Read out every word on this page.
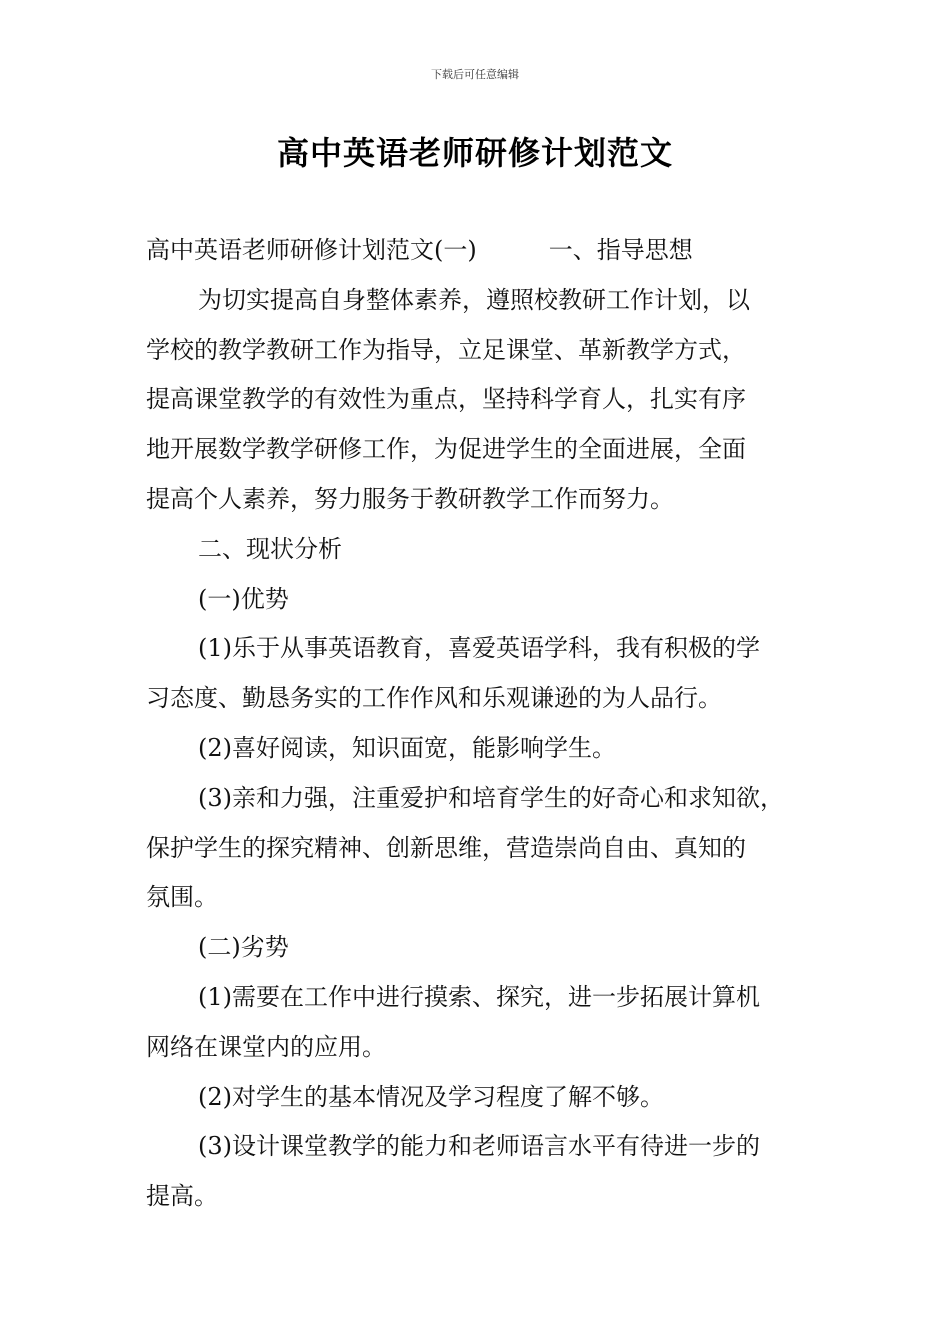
下载后可任意编辑
高中英语老师研修计划范文

高中英语老师研修计划范文(一)　　　一、指导思想

为切实提高自身整体素养，遵照校教研工作计划，以

学校的教学教研工作为指导，立足课堂、革新教学方式，

提高课堂教学的有效性为重点，坚持科学育人，扎实有序

地开展数学教学研修工作，为促进学生的全面进展，全面

提高个人素养，努力服务于教研教学工作而努力。

二、现状分析

(一)优势

(1)乐于从事英语教育，喜爱英语学科，我有积极的学

习态度、勤恳务实的工作作风和乐观谦逊的为人品行。

(2)喜好阅读，知识面宽，能影响学生。

(3)亲和力强，注重爱护和培育学生的好奇心和求知欲，

保护学生的探究精神、创新思维，营造崇尚自由、真知的

氛围。

(二)劣势

(1)需要在工作中进行摸索、探究，进一步拓展计算机

网络在课堂内的应用。

(2)对学生的基本情况及学习程度了解不够。

(3)设计课堂教学的能力和老师语言水平有待进一步的

提高。
